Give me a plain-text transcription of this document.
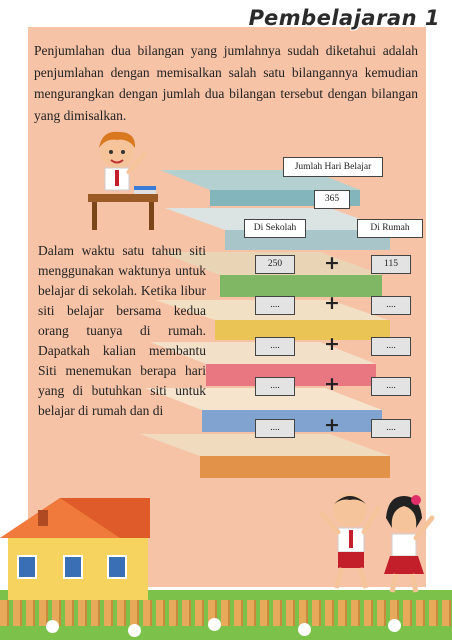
Pembelajaran 1
Penjumlahan dua bilangan yang jumlahnya sudah diketahui adalah penjumlahan dengan memisalkan salah satu bilangannya kemudian mengurangkan dengan jumlah dua bilangan tersebut dengan bilangan yang dimisalkan.
Dalam waktu satu tahun siti menggunakan waktunya untuk belajar di sekolah. Ketika libur siti belajar bersama kedua orang tuanya di rumah. Dapatkah kalian membantu Siti menemukan berapa hari yang di butuhkan siti untuk belajar di rumah dan di
Jumlah Hari Belajar
365
Di Sekolah	Di Rumah
250	+	115
....	+	....
....	+	....
....	+	....
....	+	....
